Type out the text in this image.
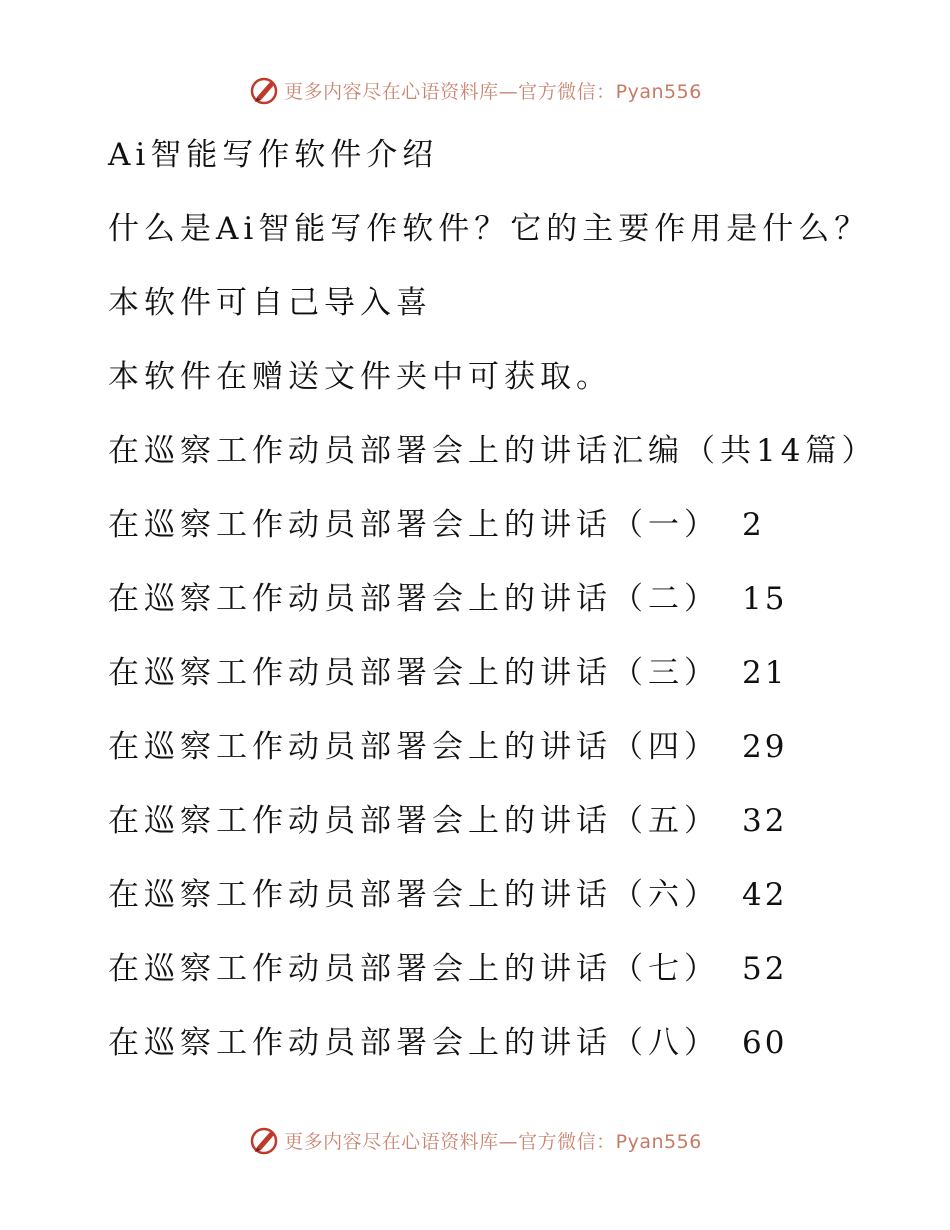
更多内容尽在心语资料库—官方微信：Pyan556
Ai智能写作软件介绍
什么是Ai智能写作软件？它的主要作用是什么？
本软件可自己导入喜
本软件在赠送文件夹中可获取。
在巡察工作动员部署会上的讲话汇编（共14篇）
在巡察工作动员部署会上的讲话（一） 2
在巡察工作动员部署会上的讲话（二） 15
在巡察工作动员部署会上的讲话（三） 21
在巡察工作动员部署会上的讲话（四） 29
在巡察工作动员部署会上的讲话（五） 32
在巡察工作动员部署会上的讲话（六） 42
在巡察工作动员部署会上的讲话（七） 52
在巡察工作动员部署会上的讲话（八） 60
更多内容尽在心语资料库—官方微信：Pyan556
